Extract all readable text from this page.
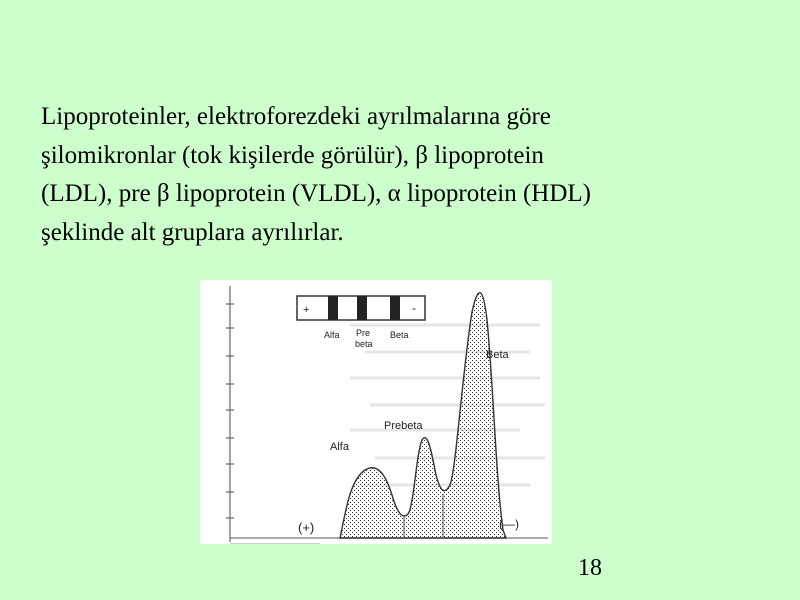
Lipoproteinler, elektroforezdeki ayrılmalarına göre
şilomikronlar (tok kişilerde görülür), β lipoprotein
(LDL), pre β lipoprotein (VLDL), α lipoprotein (HDL)
şeklinde alt gruplara ayrılırlar.

+	-
Alfa Pre
beta
Beta
Alfa
Prebeta
Beta
(+)	(—)
18
